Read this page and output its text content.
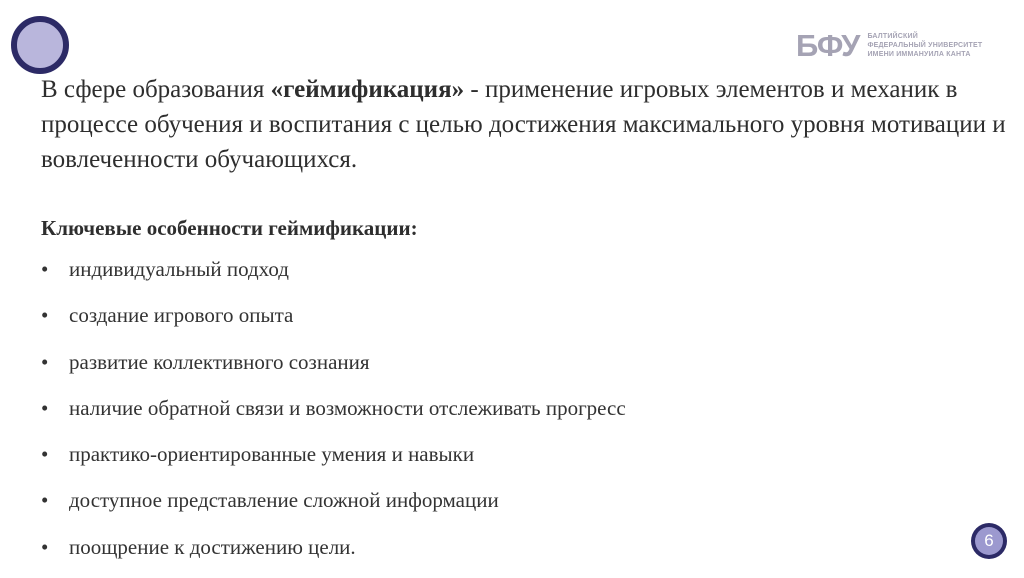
БФУ БАЛТИЙСКИЙ
ФЕДЕРАЛЬНЫЙ УНИВЕРСИТЕТ
ИМЕНИ ИММАНУИЛА КАНТА

В сфере образования «геймификация» - применение игровых элементов и механик в процессе обучения и воспитания с целью достижения максимального уровня мотивации и вовлеченности обучающихся.

Ключевые особенности геймификации:
• индивидуальный подход
• создание игрового опыта
• развитие коллективного сознания
• наличие обратной связи и возможности отслеживать прогресс
• практико-ориентированные умения и навыки
• доступное представление сложной информации
• поощрение к достижению цели.	6
